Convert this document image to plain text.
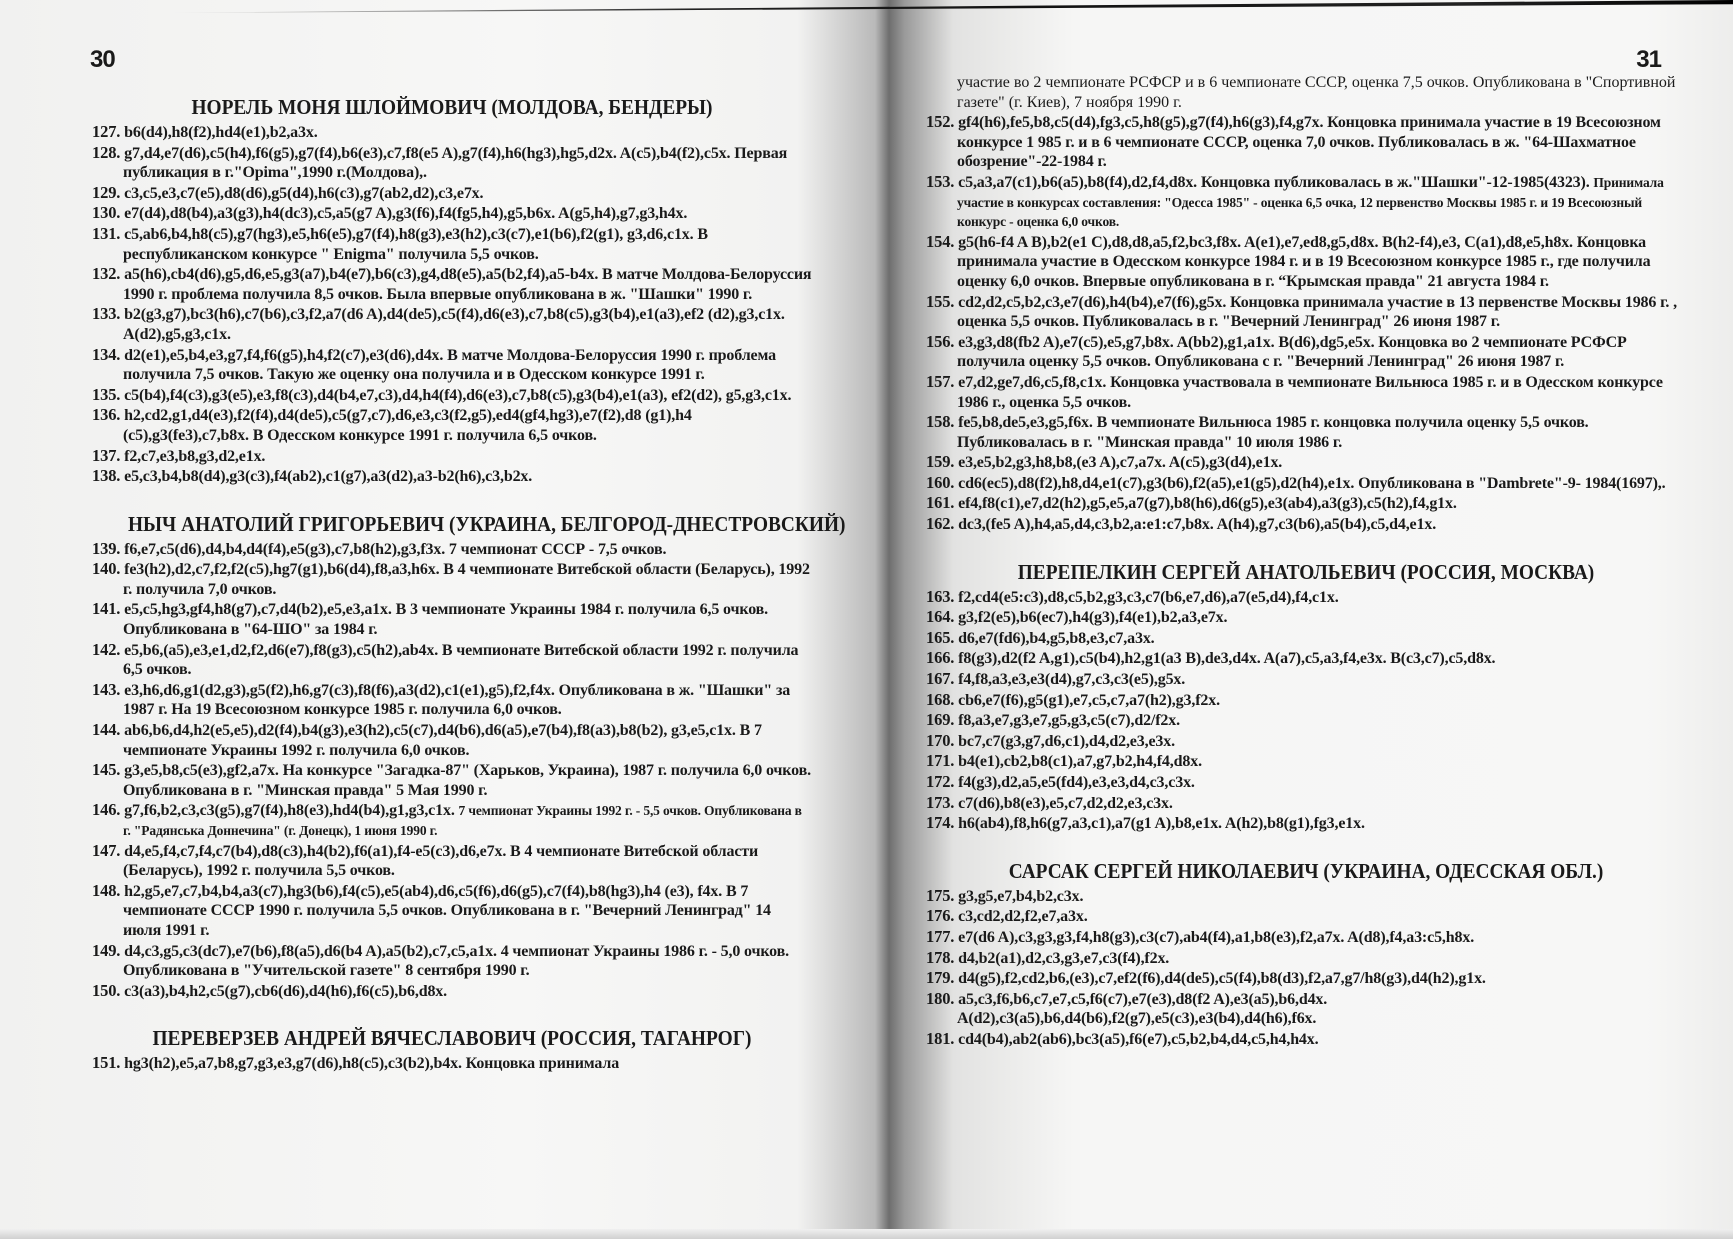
30
НОРЕЛЬ МОНЯ ШЛОЙМОВИЧ (МОЛДОВА, БЕНДЕРЫ)
127. b6(d4),h8(f2),hd4(e1),b2,a3x.
128. g7,d4,e7(d6),c5(h4),f6(g5),g7(f4),b6(e3),c7,f8(e5 A),g7(f4),h6(hg3),hg5,d2x. A(c5),b4(f2),c5x. Первая публикация в г."Opima",1990 г.(Молдова),.
129. c3,c5,e3,c7(e5),d8(d6),g5(d4),h6(c3),g7(ab2,d2),c3,e7x.
130. e7(d4),d8(b4),a3(g3),h4(dc3),c5,a5(g7 A),g3(f6),f4(fg5,h4),g5,b6x. A(g5,h4),g7,g3,h4x.
131. c5,ab6,b4,h8(c5),g7(hg3),e5,h6(e5),g7(f4),h8(g3),e3(h2),c3(c7),e1(b6),f2(g1), g3,d6,c1x. В республиканском конкурсе " Enigma" получила 5,5 очков.
132. a5(h6),cb4(d6),g5,d6,e5,g3(a7),b4(e7),b6(c3),g4,d8(e5),a5(b2,f4),a5-b4x. В матче Молдова-Белоруссия 1990 г. проблема получила 8,5 очков. Была впервые опубликована в ж. "Шашки" 1990 г.
133. b2(g3,g7),bc3(h6),c7(b6),c3,f2,a7(d6 A),d4(de5),c5(f4),d6(e3),c7,b8(c5),g3(b4),e1(a3),ef2 (d2),g3,c1x. A(d2),g5,g3,c1x.
134. d2(e1),e5,b4,e3,g7,f4,f6(g5),h4,f2(c7),e3(d6),d4x. В матче Молдова-Белоруссия 1990 г. проблема получила 7,5 очков. Такую же оценку она получила и в Одесском конкурсе 1991 г.
135. c5(b4),f4(c3),g3(e5),e3,f8(c3),d4(b4,e7,c3),d4,h4(f4),d6(e3),c7,b8(c5),g3(b4),e1(a3), ef2(d2), g5,g3,c1x.
136. h2,cd2,g1,d4(e3),f2(f4),d4(de5),c5(g7,c7),d6,e3,c3(f2,g5),ed4(gf4,hg3),e7(f2),d8 (g1),h4 (c5),g3(fe3),c7,b8x. В Одесском конкурсе 1991 г. получила 6,5 очков.
137. f2,c7,e3,b8,g3,d2,e1x.
138. e5,c3,b4,b8(d4),g3(c3),f4(ab2),c1(g7),a3(d2),a3-b2(h6),c3,b2x.
НЫЧ АНАТОЛИЙ ГРИГОРЬЕВИЧ (УКРАИНА, БЕЛГОРОД-ДНЕСТРОВСКИЙ)
139. f6,e7,c5(d6),d4,b4,d4(f4),e5(g3),c7,b8(h2),g3,f3x. 7 чемпионат СССР - 7,5 очков.
140. fe3(h2),d2,c7,f2,f2(c5),hg7(g1),b6(d4),f8,a3,h6x. В 4 чемпионате Витебской области (Беларусь), 1992 г. получила 7,0 очков.
141. e5,c5,hg3,gf4,h8(g7),c7,d4(b2),e5,e3,a1x. В 3 чемпионате Украины 1984 г. получила 6,5 очков. Опубликована в "64-ШО" за 1984 г.
142. e5,b6,(a5),e3,e1,d2,f2,d6(e7),f8(g3),c5(h2),ab4x. В чемпионате Витебской области 1992 г. получила 6,5 очков.
143. e3,h6,d6,g1(d2,g3),g5(f2),h6,g7(c3),f8(f6),a3(d2),c1(e1),g5),f2,f4x. Опубликована в ж. "Шашки" за 1987 г. На 19 Всесоюзном конкурсе 1985 г. получила 6,0 очков.
144. ab6,b6,d4,h2(e5,e5),d2(f4),b4(g3),e3(h2),c5(c7),d4(b6),d6(a5),e7(b4),f8(a3),b8(b2), g3,e5,c1x. В 7 чемпионате Украины 1992 г. получила 6,0 очков.
145. g3,e5,b8,c5(e3),gf2,a7x. На конкурсе "Загадка-87" (Харьков, Украина), 1987 г. получила 6,0 очков. Опубликована в г. "Минская правда" 5 Мая 1990 г.
146. g7,f6,b2,c3,c3(g5),g7(f4),h8(e3),hd4(b4),g1,g3,c1x. 7 чемпионат Украины 1992 г. - 5,5 очков. Опубликована в г. "Радянська Доннечина" (г. Донецк), 1 июня 1990 г.
147. d4,e5,f4,c7,f4,c7(b4),d8(c3),h4(b2),f6(a1),f4-e5(c3),d6,e7x. В 4 чемпионате Витебской области (Беларусь), 1992 г. получила 5,5 очков.
148. h2,g5,e7,c7,b4,b4,a3(c7),hg3(b6),f4(c5),e5(ab4),d6,c5(f6),d6(g5),c7(f4),b8(hg3),h4 (e3), f4x. В 7 чемпионате СССР 1990 г. получила 5,5 очков. Опубликована в г. "Вечерний Ленинград" 14 июля 1991 г.
149. d4,c3,g5,c3(dc7),e7(b6),f8(a5),d6(b4 A),a5(b2),c7,c5,a1x. 4 чемпионат Украины 1986 г. - 5,0 очков. Опубликована в "Учительской газете" 8 сентября 1990 г.
150. c3(a3),b4,h2,c5(g7),cb6(d6),d4(h6),f6(c5),b6,d8x.
ПЕРЕВЕРЗЕВ АНДРЕЙ ВЯЧЕСЛАВОВИЧ (РОССИЯ, ТАГАНРОГ)
151. hg3(h2),e5,a7,b8,g7,g3,e3,g7(d6),h8(c5),c3(b2),b4x. Концовка принимала
31
участие во 2 чемпионате РСФСР и в 6 чемпионате СССР, оценка 7,5 очков. Опубликована в "Спортивной газете" (г. Киев), 7 ноября 1990 г.
152. gf4(h6),fe5,b8,c5(d4),fg3,c5,h8(g5),g7(f4),h6(g3),f4,g7x. Концовка принимала участие в 19 Всесоюзном конкурсе 1 985 г. и в 6 чемпионате СССР, оценка 7,0 очков. Публиковалась в ж. "64-Шахматное обозрение"-22-1984 г.
153. c5,a3,a7(c1),b6(a5),b8(f4),d2,f4,d8x. Концовка публиковалась в ж."Шашки"-12-1985(4323). Принимала участие в конкурсах составления: "Одесса 1985" - оценка 6,5 очка, 12 первенство Москвы 1985 г. и 19 Всесоюзный конкурс - оценка 6,0 очков.
154. g5(h6-f4 A B),b2(e1 C),d8,d8,a5,f2,bc3,f8x. A(e1),e7,ed8,g5,d8x. B(h2-f4),e3, C(a1),d8,e5,h8x. Концовка принимала участие в Одесском конкурсе 1984 г. и в 19 Всесоюзном конкурсе 1985 г., где получила оценку 6,0 очков. Впервые опубликована в г. “Крымская правда" 21 августа 1984 г.
155. cd2,d2,c5,b2,c3,e7(d6),h4(b4),e7(f6),g5x. Концовка принимала участие в 13 первенстве Москвы 1986 г. , оценка 5,5 очков. Публиковалась в г. "Вечерний Ленинград" 26 июня 1987 г.
156. e3,g3,d8(fb2 A),e7(c5),e5,g7,b8x. A(bb2),g1,a1x. B(d6),dg5,e5x. Концовка во 2 чемпионате РСФСР получила оценку 5,5 очков. Опубликована с г. "Вечерний Ленинград" 26 июня 1987 г.
157. e7,d2,ge7,d6,c5,f8,c1x. Концовка участвовала в чемпионате Вильнюса 1985 г. и в Одесском конкурсе 1986 г., оценка 5,5 очков.
158. fe5,b8,de5,e3,g5,f6x. В чемпионате Вильнюса 1985 г. концовка получила оценку 5,5 очков. Публиковалась в г. "Минская правда" 10 июля 1986 г.
159. e3,e5,b2,g3,h8,b8,(e3 A),c7,a7x. A(c5),g3(d4),e1x.
160. cd6(ec5),d8(f2),h8,d4,e1(c7),g3(b6),f2(a5),e1(g5),d2(h4),e1x. Опубликована в "Dambrete"-9- 1984(1697),.
161. ef4,f8(c1),e7,d2(h2),g5,e5,a7(g7),b8(h6),d6(g5),e3(ab4),a3(g3),c5(h2),f4,g1x.
162. dc3,(fe5 A),h4,a5,d4,c3,b2,a:e1:c7,b8x. A(h4),g7,c3(b6),a5(b4),c5,d4,e1x.
ПЕРЕПЕЛКИН СЕРГЕЙ АНАТОЛЬЕВИЧ (РОССИЯ, МОСКВА)
163. f2,cd4(e5:c3),d8,c5,b2,g3,c3,c7(b6,e7,d6),a7(e5,d4),f4,c1x.
164. g3,f2(e5),b6(ec7),h4(g3),f4(e1),b2,a3,e7x.
165. d6,e7(fd6),b4,g5,b8,e3,c7,a3x.
166. f8(g3),d2(f2 A,g1),c5(b4),h2,g1(a3 B),de3,d4x. A(a7),c5,a3,f4,e3x. B(c3,c7),c5,d8x.
167. f4,f8,a3,e3,e3(d4),g7,c3,c3(e5),g5x.
168. cb6,e7(f6),g5(g1),e7,c5,c7,a7(h2),g3,f2x.
169. f8,a3,e7,g3,e7,g5,g3,c5(c7),d2/f2x.
170. bc7,c7(g3,g7,d6,c1),d4,d2,e3,e3x.
171. b4(e1),cb2,b8(c1),a7,g7,b2,h4,f4,d8x.
172. f4(g3),d2,a5,e5(fd4),e3,e3,d4,c3,c3x.
173. c7(d6),b8(e3),e5,c7,d2,d2,e3,c3x.
174. h6(ab4),f8,h6(g7,a3,c1),a7(g1 A),b8,e1x. A(h2),b8(g1),fg3,e1x.
САРСАК СЕРГЕЙ НИКОЛАЕВИЧ (УКРАИНА, ОДЕССКАЯ ОБЛ.)
175. g3,g5,e7,b4,b2,c3x.
176. c3,cd2,d2,f2,e7,a3x.
177. e7(d6 A),c3,g3,g3,f4,h8(g3),c3(c7),ab4(f4),a1,b8(e3),f2,a7x. A(d8),f4,a3:c5,h8x.
178. d4,b2(a1),d2,c3,g3,e7,c3(f4),f2x.
179. d4(g5),f2,cd2,b6,(e3),c7,ef2(f6),d4(de5),c5(f4),b8(d3),f2,a7,g7/h8(g3),d4(h2),g1x.
180. a5,c3,f6,b6,c7,e7,c5,f6(c7),e7(e3),d8(f2 A),e3(a5),b6,d4x. A(d2),c3(a5),b6,d4(b6),f2(g7),e5(c3),e3(b4),d4(h6),f6x.
181. cd4(b4),ab2(ab6),bc3(a5),f6(e7),c5,b2,b4,d4,c5,h4,h4x.
